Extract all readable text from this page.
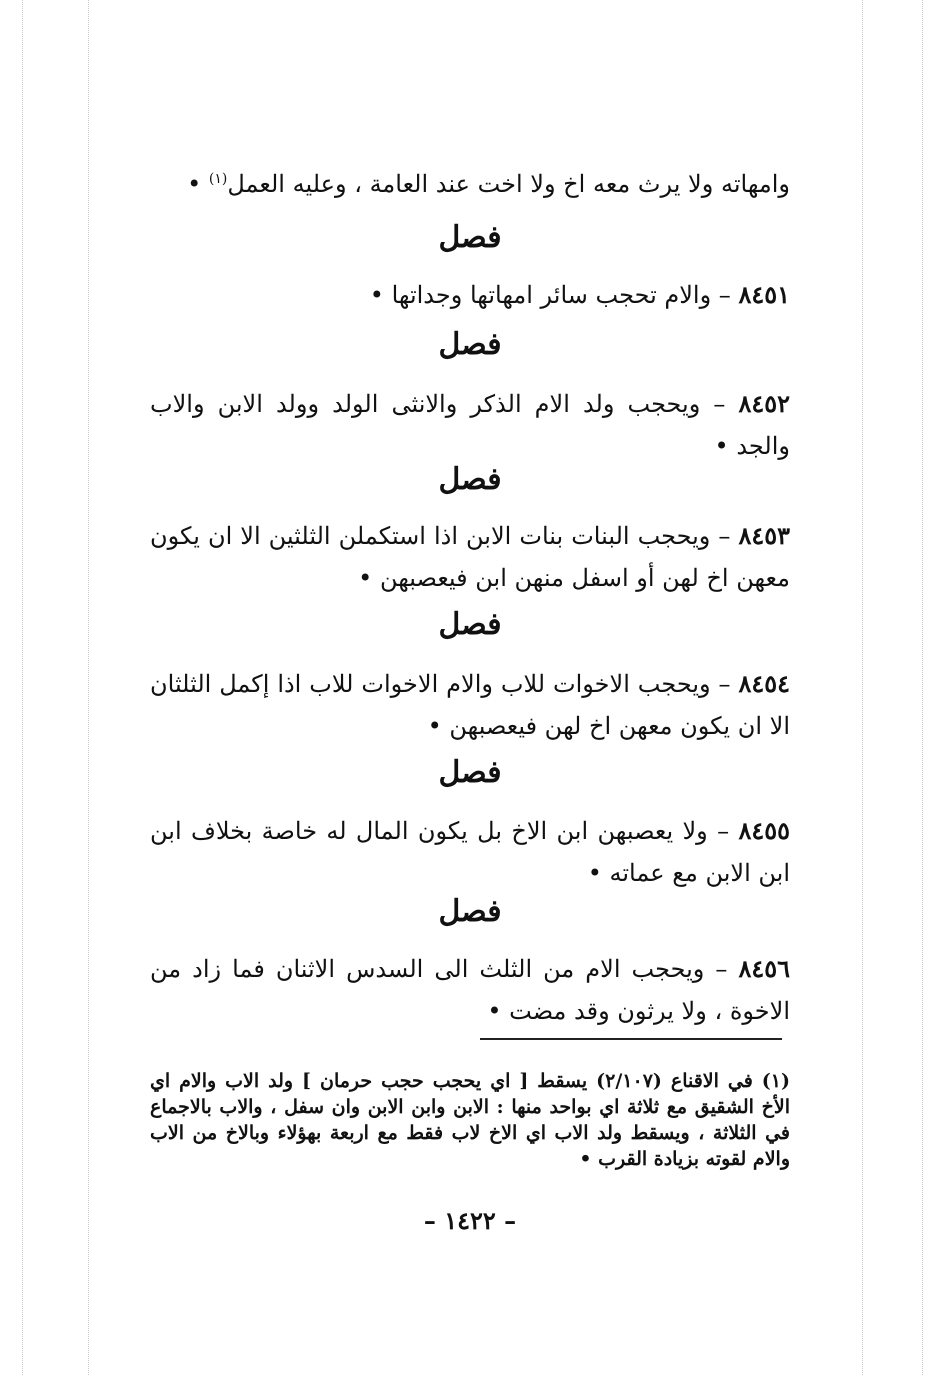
وامهاته ولا يرث معه اخ ولا اخت عند العامة ، وعليه العمل$^{(١)}$ •
فصل
٨٤٥١ – والام تحجب سائر امهاتها وجداتها •
فصل
٨٤٥٢ – ويحجب ولد الام الذكر والانثى الولد وولد الابن والاب والجد •
فصل
٨٤٥٣ – ويحجب البنات بنات الابن اذا استكملن الثلثين الا ان يكون معهن اخ لهن أو اسفل منهن ابن فيعصبهن •
فصل
٨٤٥٤ – ويحجب الاخوات للاب والام الاخوات للاب اذا إكمل الثلثان الا ان يكون معهن اخ لهن فيعصبهن •
فصل
٨٤٥٥ – ولا يعصبهن ابن الاخ بل يكون المال له خاصة بخلاف ابن ابن الابن مع عماته •
فصل
٨٤٥٦ – ويحجب الام من الثلث الى السدس الاثنان فما زاد من الاخوة ، ولا يرثون وقد مضت •
(١) في الاقناع (٢/١٠٧) يسقط [ اي يحجب حجب حرمان ] ولد الاب والام اي الأخ الشقيق مع ثلاثة اي بواحد منها : الابن وابن الابن وان سفل ، والاب بالاجماع في الثلاثة ، ويسقط ولد الاب اي الاخ لاب فقط مع اربعة بهؤلاء وبالاخ من الاب والام لقوته بزيادة القرب •
– ١٤٢٢ –
